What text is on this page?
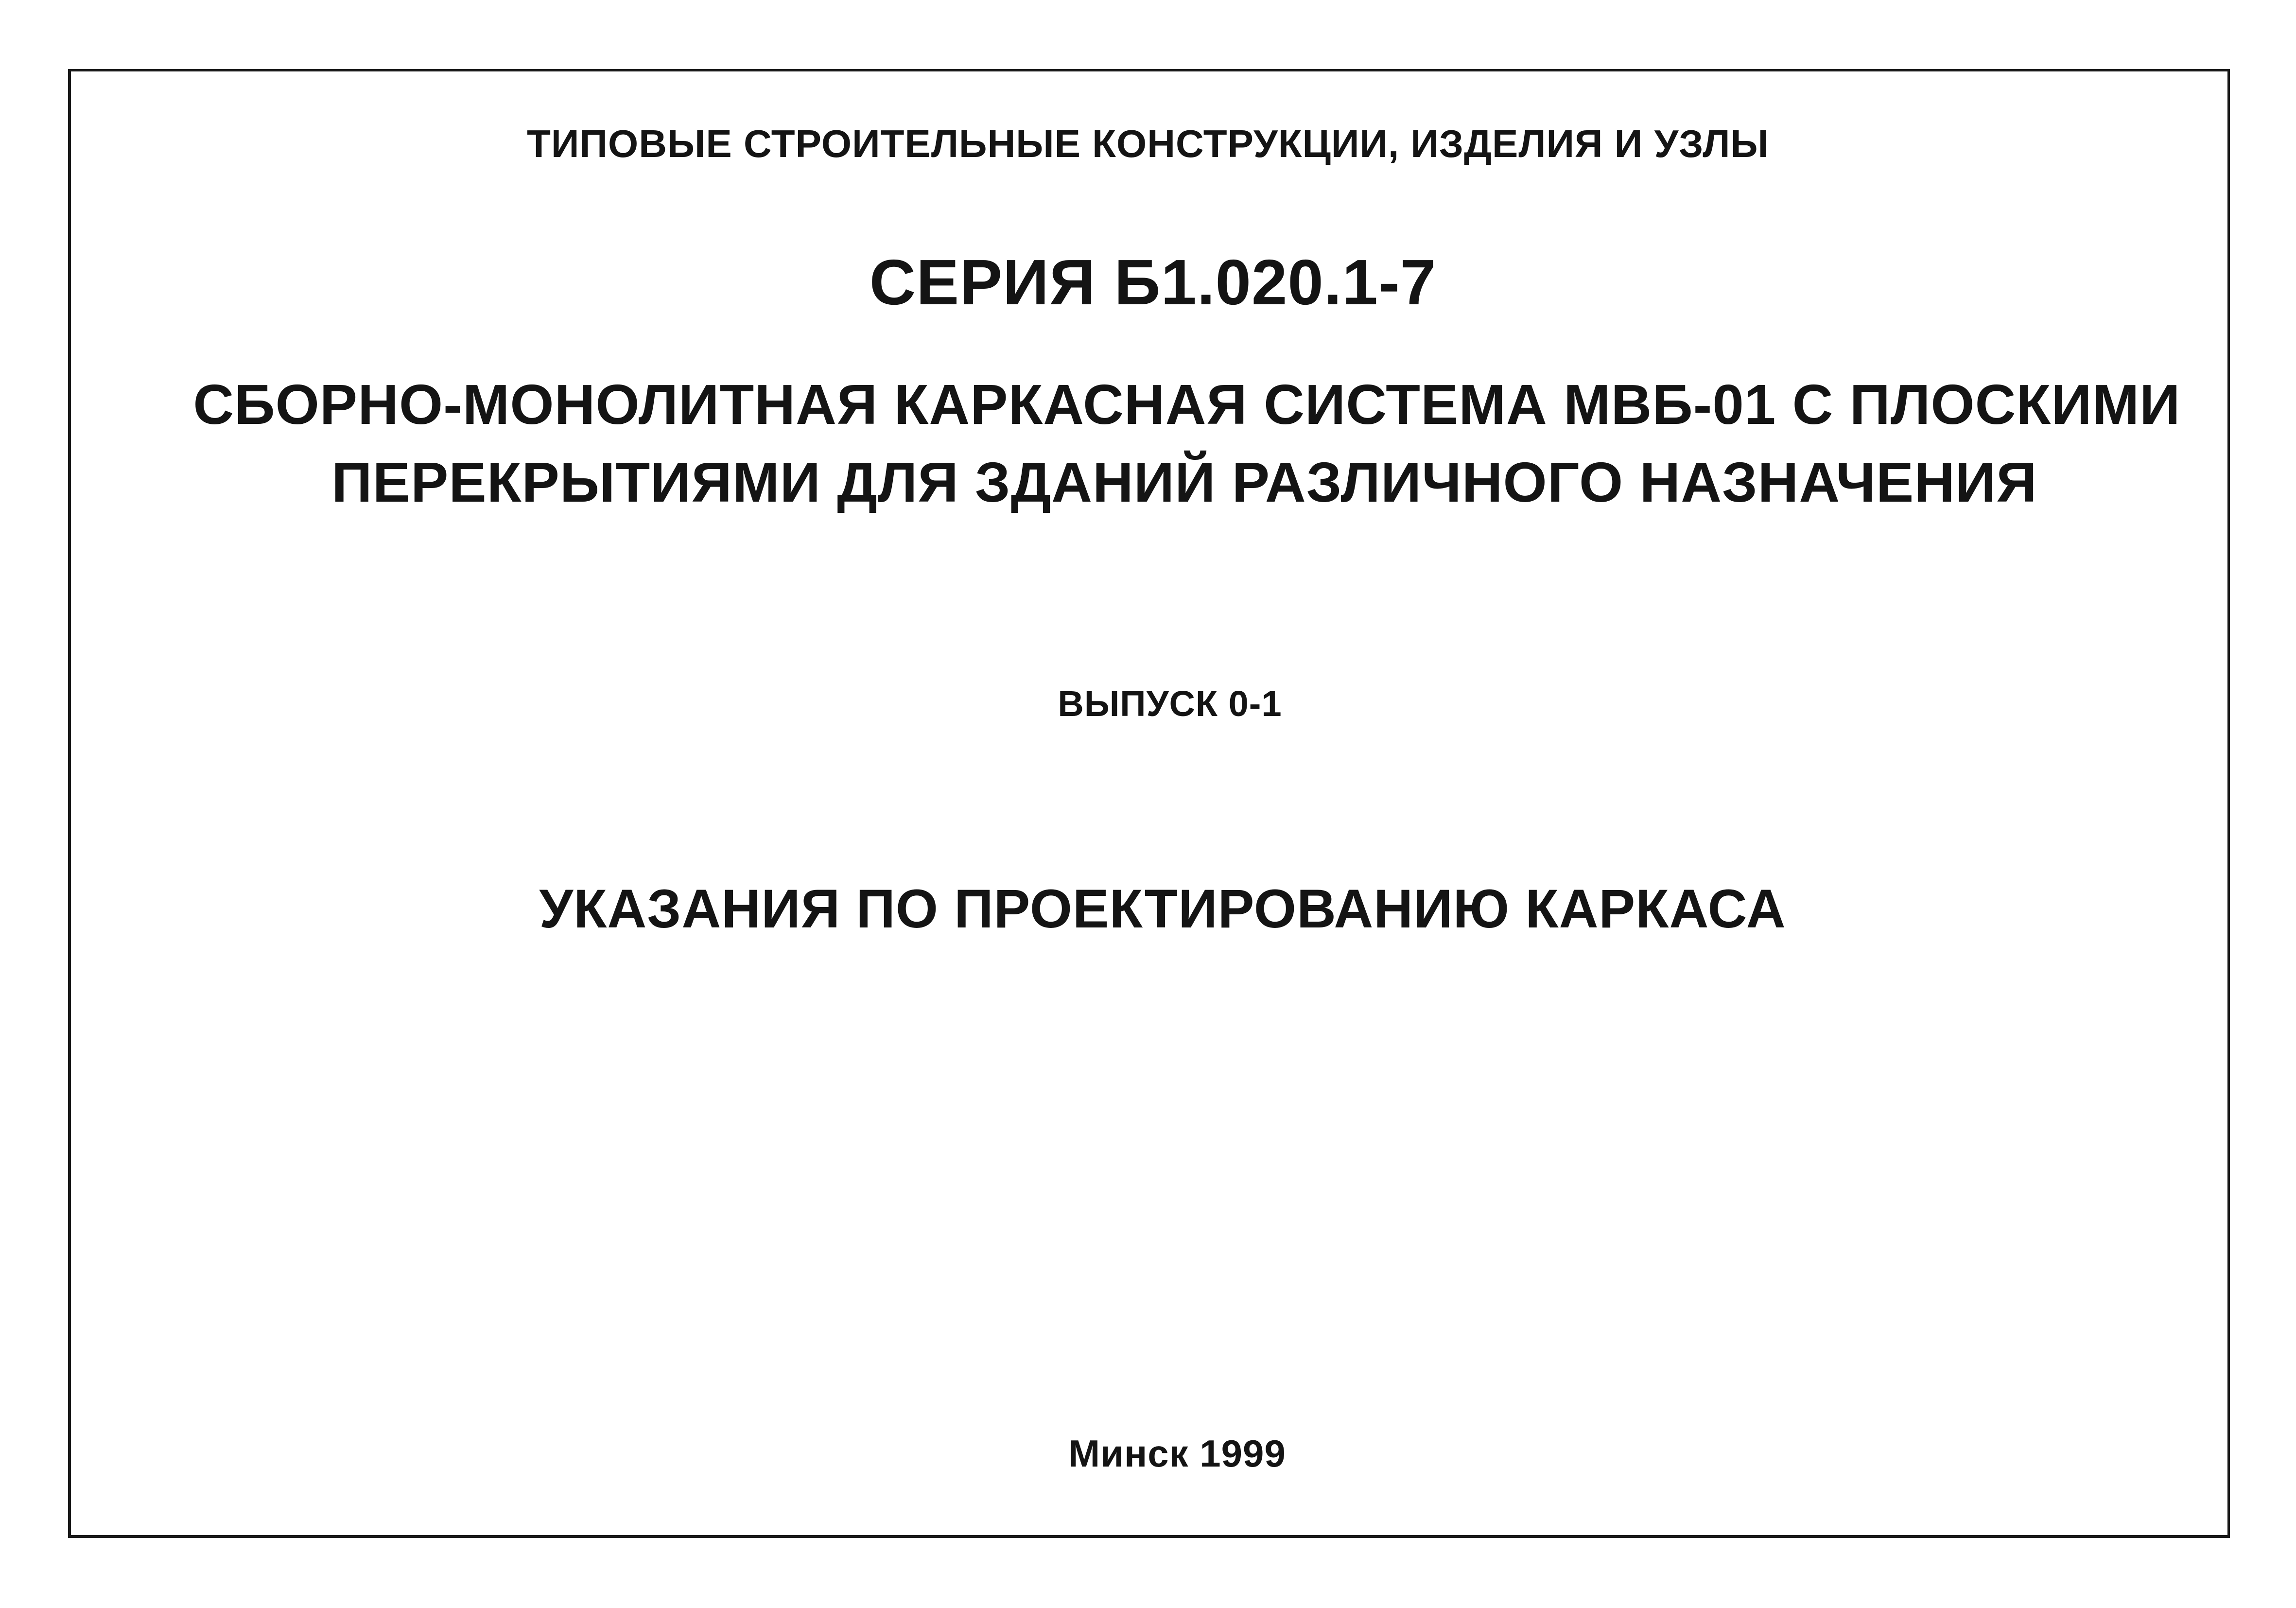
ТИПОВЫЕ СТРОИТЕЛЬНЫЕ КОНСТРУКЦИИ, ИЗДЕЛИЯ И УЗЛЫ
СЕРИЯ Б1.020.1-7
СБОРНО-МОНОЛИТНАЯ КАРКАСНАЯ СИСТЕМА МВБ-01 С ПЛОСКИМИ
ПЕРЕКРЫТИЯМИ ДЛЯ ЗДАНИЙ РАЗЛИЧНОГО НАЗНАЧЕНИЯ
ВЫПУСК 0-1
УКАЗАНИЯ ПО ПРОЕКТИРОВАНИЮ КАРКАСА
Минск 1999
